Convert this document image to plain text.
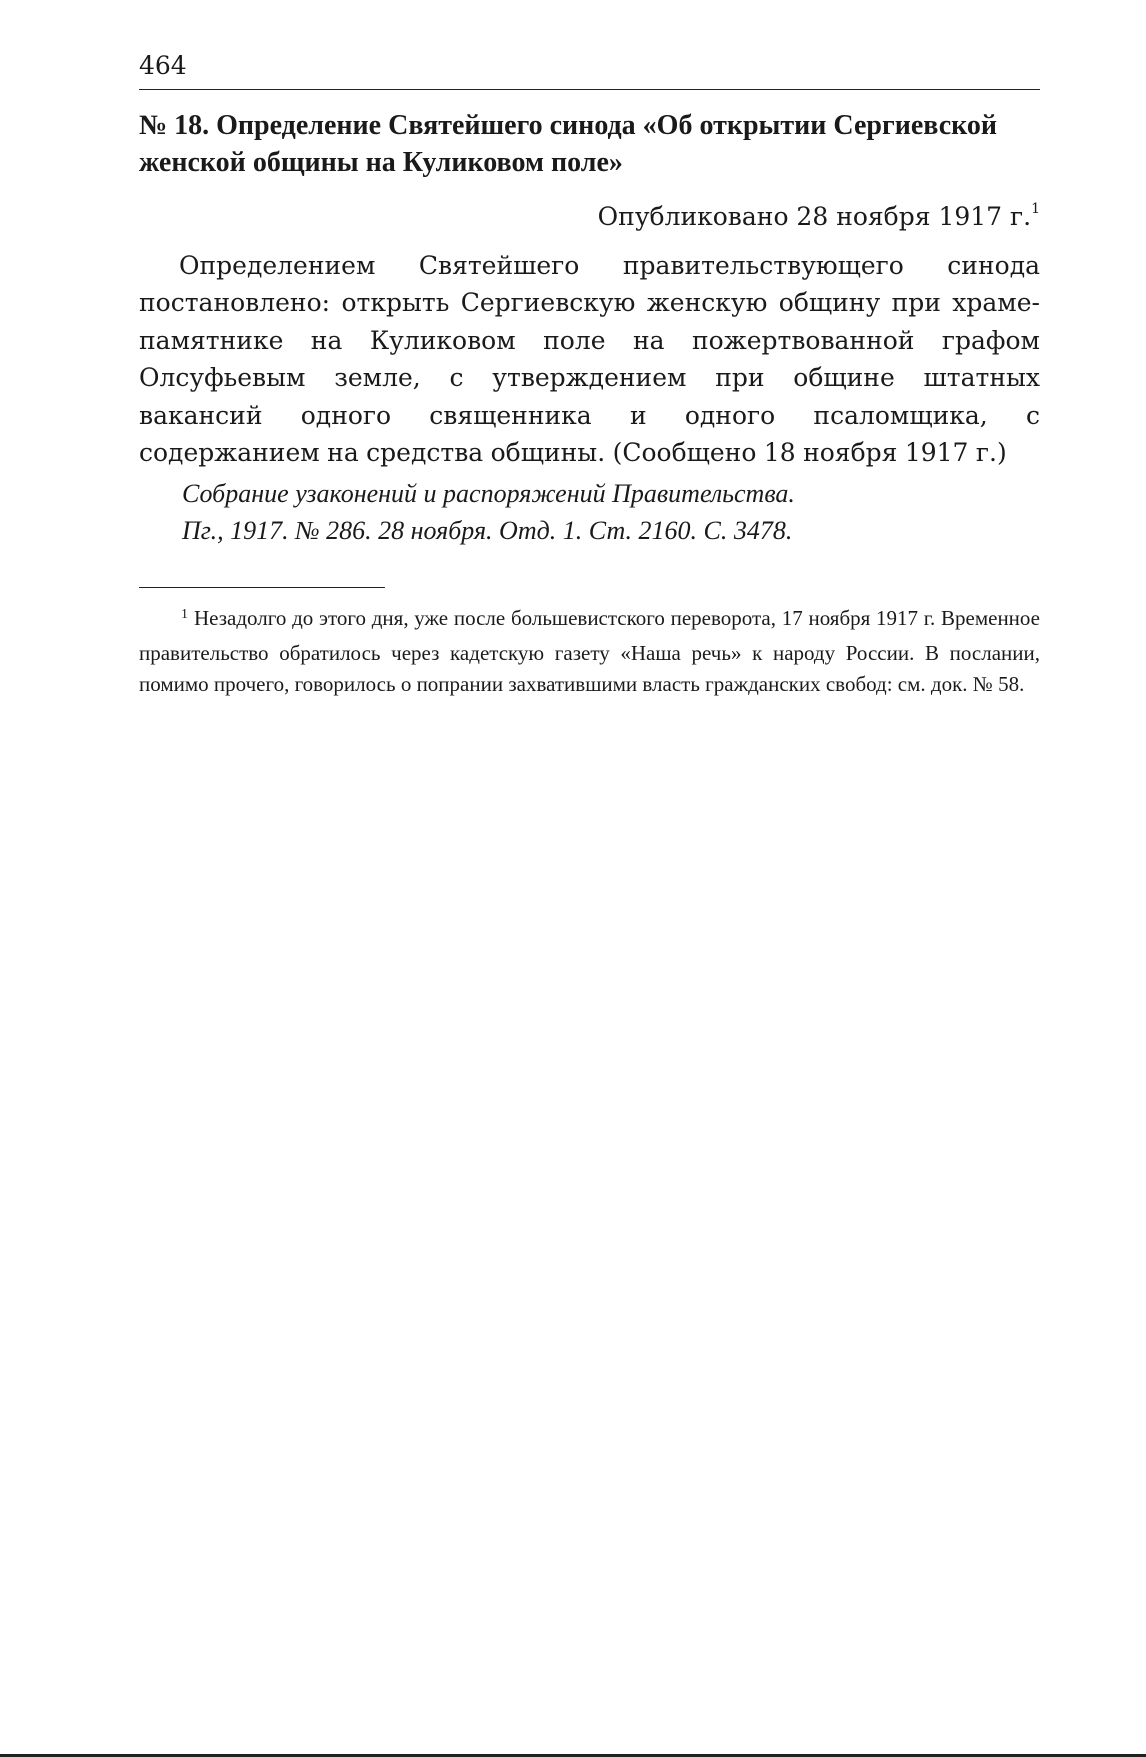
464
№ 18. Определение Святейшего синода «Об открытии Сергиевской женской общины на Куликовом поле»
Опубликовано 28 ноября 1917 г.$^1$

Определением Святейшего правительствующего синода постановлено: открыть Сергиевскую женскую общину при храме-памятнике на Куликовом поле на пожертвованной графом Олсуфьевым земле, с утверждением при общине штатных вакансий одного священника и одного псаломщика, с содержанием на средства общины. (Сообщено 18 ноября 1917 г.)

Собрание узаконений и распоряжений Правительства.
Пг., 1917. № 286. 28 ноября. Отд. 1. Ст. 2160. С. 3478.

$^1$ Незадолго до этого дня, уже после большевистского переворота, 17 ноября 1917 г. Временное правительство обратилось через кадетскую газету «Наша речь» к народу России. В послании, помимо прочего, говорилось о попрании захватившими власть гражданских свобод: см. док. № 58.
